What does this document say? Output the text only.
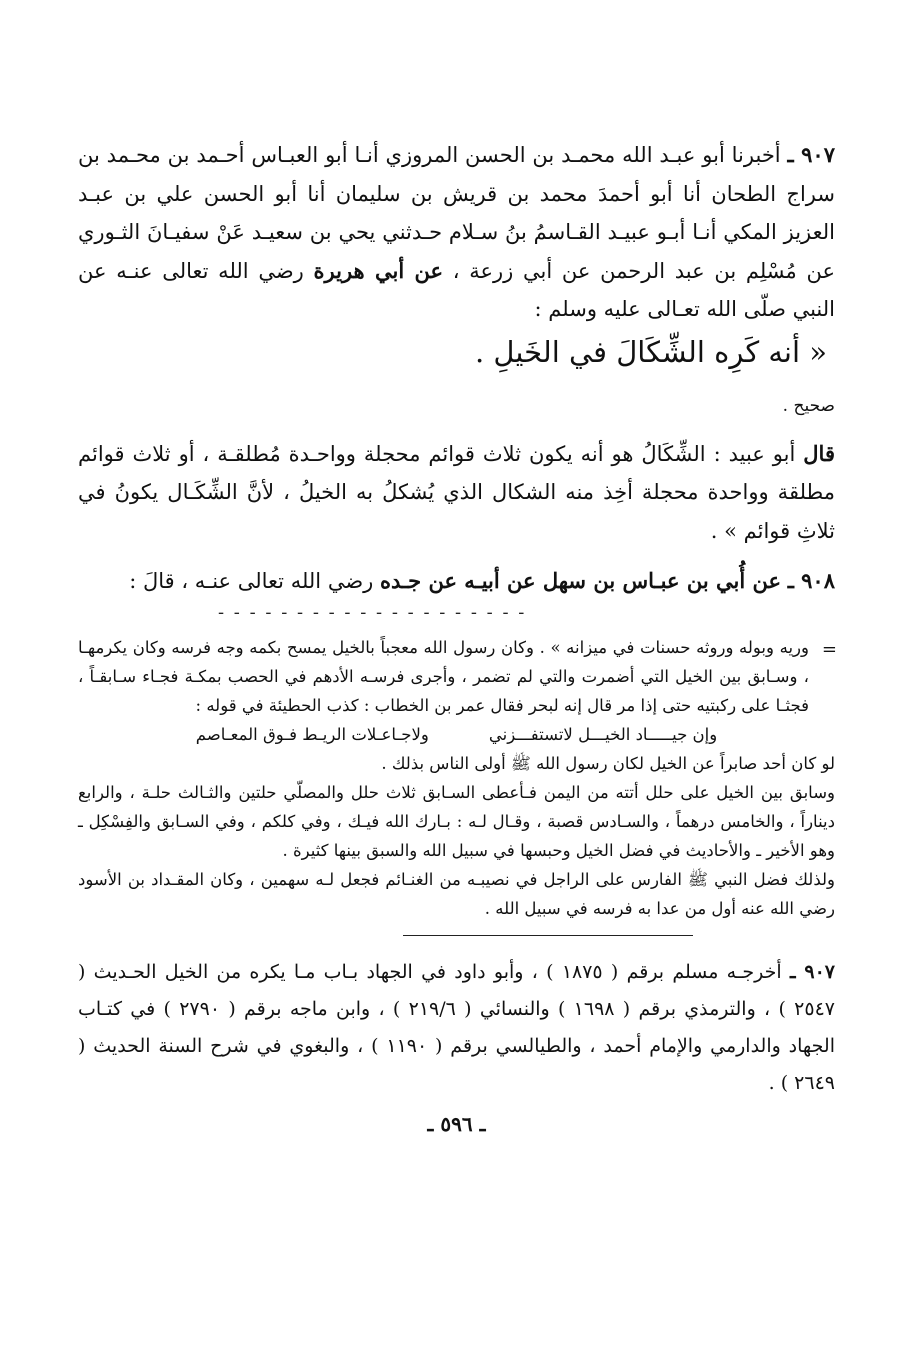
٩٠٧ ـ أخبرنا أبو عبـد الله محمـد بن الحسن المروزي أنـا أبو العبـاس أحـمد بن محـمد بن سراج الطحان أنا أبو أحمدَ محمد بن قريش بن سليمان أنا أبو الحسن علي بن عبـد العزيز المكي أنـا أبـو عبيـد القـاسمُ بنُ سـلام حـدثني يحي بن سعيـد عَنْ سفيـانَ الثـوري عن مُسْلِم بن عبد الرحمن عن أبي زرعة ، عن أبي هريرة رضي الله تعالى عنـه عن النبي صلّى الله تعـالى عليه وسلم :

« أنه كَرِه الشِّكَالَ في الخَيلِ .

صحيح .

قال أبو عبيد : الشِّكَالُ هو أنه يكون ثلاث قوائم محجلة وواحـدة مُطلقـة ، أو ثلاث قوائم مطلقة وواحدة محجلة أخِذ منه الشكال الذي يُشكلُ به الخيلُ ، لأنَّ الشِّكَـال يكونُ في ثلاثِ قوائم » .

٩٠٨ ـ عن أُبي بن عبـاس بن سهل عن أبيـه عن جـده رضي الله تعالى عنـه ، قالَ :

- - - - - - - - - - - - - - - - - - - -
=

وريه وبوله وروثه حسنات في ميزانه » . وكان رسول الله معجباً بالخيل يمسح بكمه وجه فرسه وكان يكرمهـا ، وسـابق بين الخيل التي أضمرت والتي لم تضمر ، وأجرى فرسـه الأدهم في الحصب بمكـة فجـاء سـابقـاً ، فجثـا على ركبتيه حتى إذا مر قال إنه لبحر فقال عمر بن الخطاب : كذب الحطيئة في قوله :

وإن جيـــــاد الخيـــل لاتستفـــزني
ولاجـاعـلات الريـط فـوق المعـاصم

لو كان أحد صابراً عن الخيل لكان رسول الله ﷺ أولى الناس بذلك .

وسابق بين الخيل على حلل أتته من اليمن فـأعطى السـابق ثلاث حلل والمصلّي حلتين والثـالث حلـة ، والرابع ديناراً ، والخامس درهماً ، والسـادس قصبة ، وقـال لـه : بـارك الله فيـك ، وفي كلكم ، وفي السـابق والفِسْكِل ـ وهو الأخير ـ والأحاديث في فضل الخيل وحبسها في سبيل الله والسبق بينها كثيرة .

ولذلك فضل النبي ﷺ الفارس على الراجل في نصيبـه من الغنـائم فجعل لـه سهمين ، وكان المقـداد بن الأسود رضي الله عنه أول من عدا به فرسه في سبيل الله .

٩٠٧ ـ أخرجـه مسلم برقم ( ١٨٧٥ ) ، وأبو داود في الجهاد بـاب مـا يكره من الخيل الحـديث ( ٢٥٤٧ ) ، والترمذي برقم ( ١٦٩٨ ) والنسائي ( ٢١٩/٦ ) ، وابن ماجه برقم ( ٢٧٩٠ ) في كتـاب الجهاد والدارمي والإمام أحمد ، والطيالسي برقم ( ١١٩٠ ) ، والبغوي في شرح السنة الحديث ( ٢٦٤٩ ) .

ـ ٥٩٦ ـ
